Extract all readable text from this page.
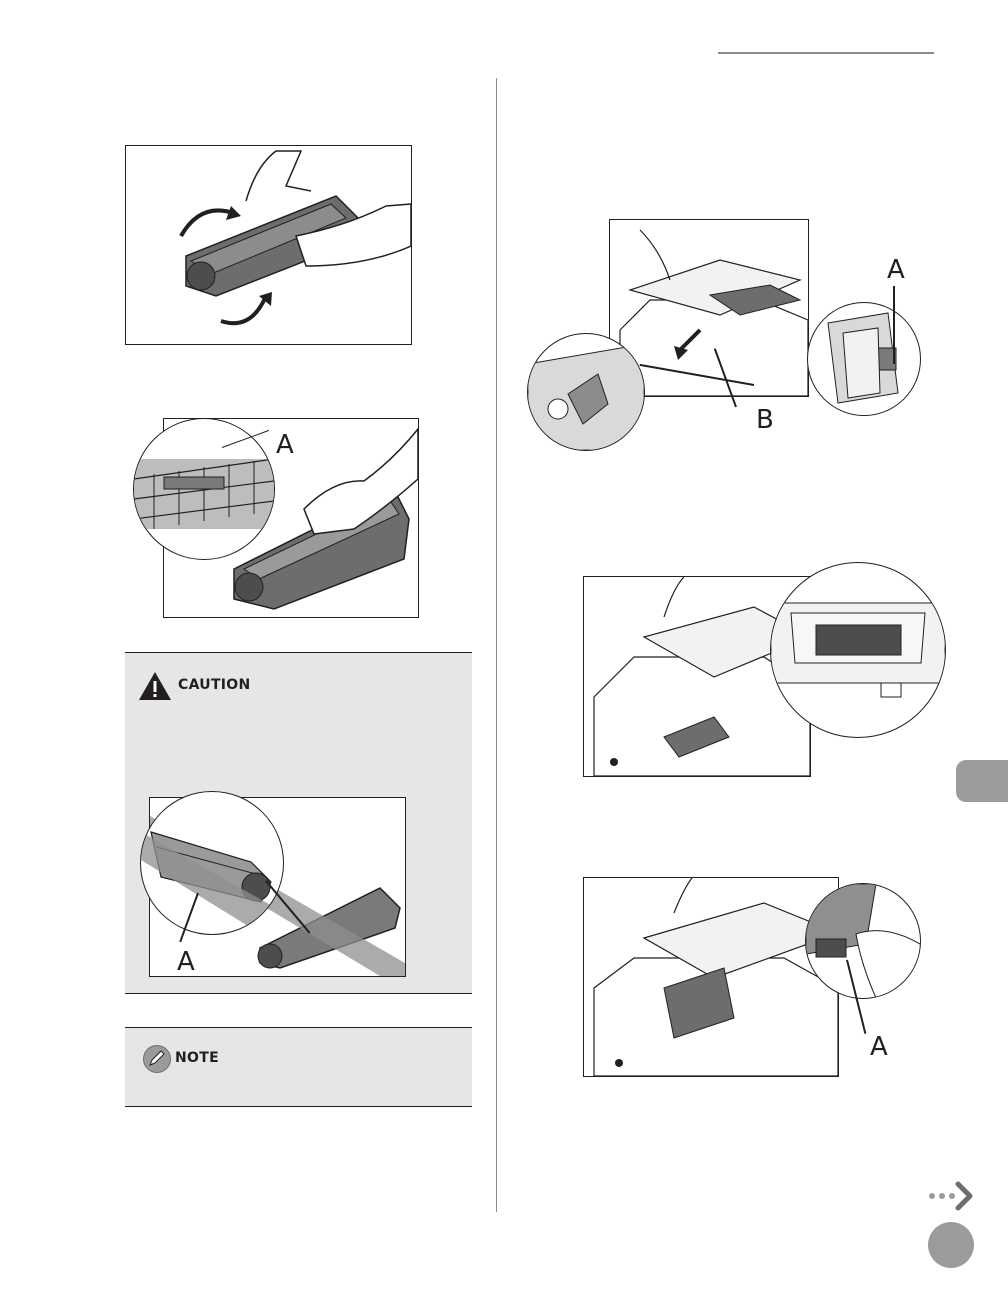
A
CAUTION
A
NOTE
A
B
A
